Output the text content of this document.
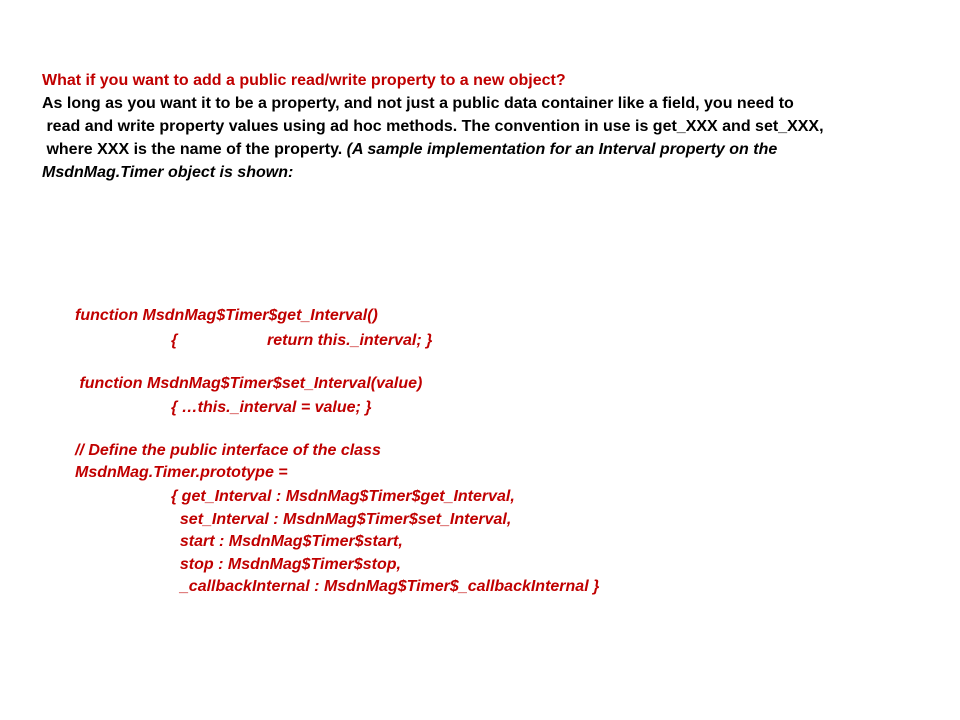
What if you want to add a public read/write property to a new object?
As long as you want it to be a property, and not just a public data container like a field, you need to
read and write property values using ad hoc methods. The convention in use is get_XXX and set_XXX,
where XXX is the name of the property. (A sample implementation for an Interval property on the
MsdnMag.Timer object is shown:
function MsdnMag$Timer$get_Interval()
{	return this._interval; }
function MsdnMag$Timer$set_Interval(value)
{ …this._interval = value; }
// Define the public interface of the class
MsdnMag.Timer.prototype =
{ get_Interval : MsdnMag$Timer$get_Interval,
set_Interval : MsdnMag$Timer$set_Interval,
start : MsdnMag$Timer$start,
stop : MsdnMag$Timer$stop,
_callbackInternal : MsdnMag$Timer$_callbackInternal }
